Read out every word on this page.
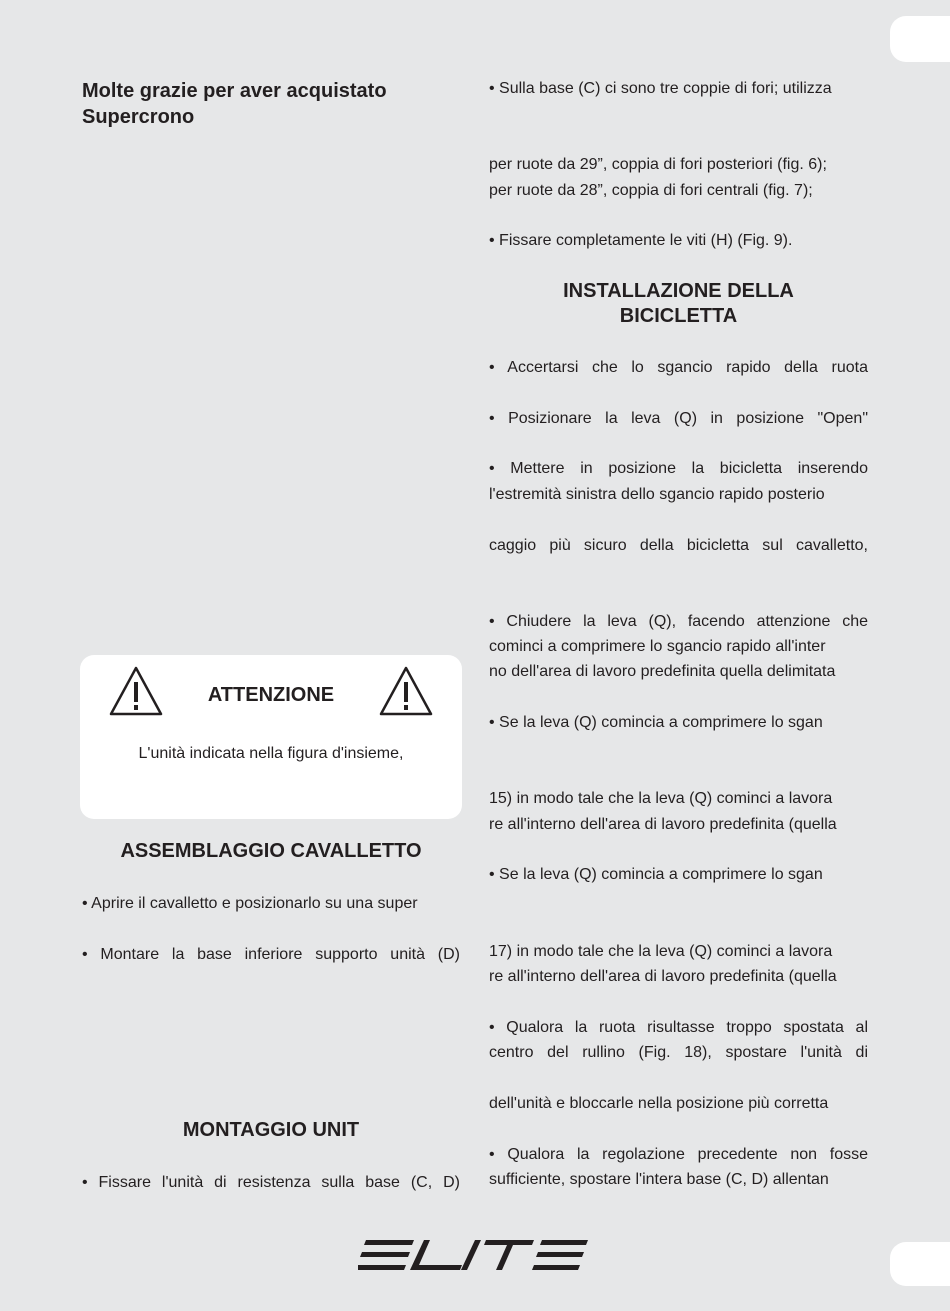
Molte grazie per aver acquistato
Supercrono
ATTENZIONE
L'unità indicata nella figura d'insieme,
ASSEMBLAGGIO CAVALLETTO
• Aprire il cavalletto e posizionarlo su una super
• Montare la base inferiore supporto unità (D)
MONTAGGIO UNIT
• Fissare l'unità di resistenza sulla base (C, D)
• Sulla base (C) ci sono tre coppie di fori; utilizza
per ruote da 29”, coppia di fori posteriori (fig. 6);
per ruote da 28”, coppia di fori centrali (fig. 7);
• Fissare completamente le viti (H) (Fig. 9).
INSTALLAZIONE DELLA
BICICLETTA
• Accertarsi che lo sgancio rapido della ruota
• Posizionare la leva (Q) in posizione "Open"
• Mettere in posizione la bicicletta inserendo
l'estremità sinistra dello sgancio rapido posterio
caggio più sicuro della bicicletta sul cavalletto,
• Chiudere la leva (Q), facendo attenzione che
cominci a comprimere lo sgancio rapido all'inter
no dell'area di lavoro predefinita quella delimitata
• Se la leva (Q) comincia a comprimere lo sgan
15) in modo tale che la leva (Q) cominci a lavora
re all'interno dell'area di lavoro predefinita (quella
• Se la leva (Q) comincia a comprimere lo sgan
17) in modo tale che la leva (Q) cominci a lavora
re all'interno dell'area di lavoro predefinita (quella
• Qualora la ruota risultasse troppo spostata al
centro del rullino (Fig. 18), spostare l'unità di
dell'unità e bloccarle nella posizione più corretta
• Qualora la regolazione precedente non fosse
sufficiente, spostare l'intera base (C, D) allentan
